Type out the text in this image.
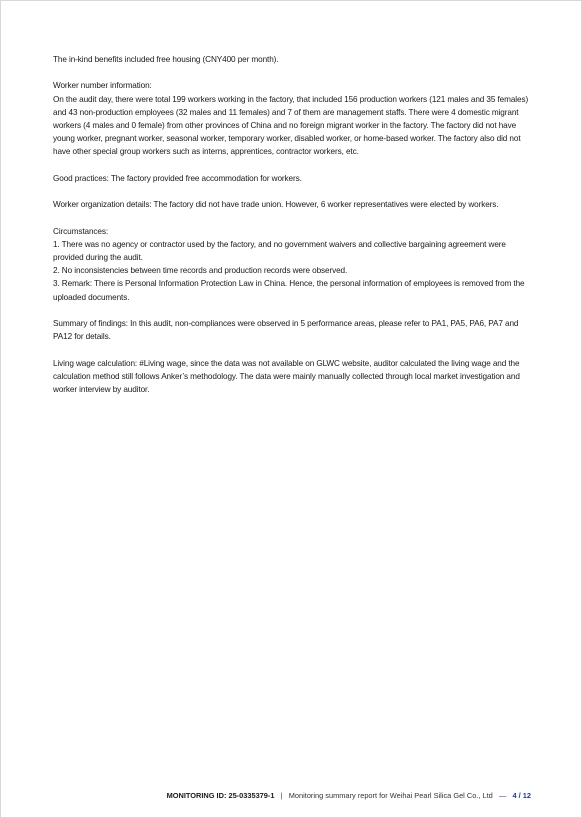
The in-kind benefits included free housing (CNY400 per month).

Worker number information:
On the audit day, there were total 199 workers working in the factory, that included 156 production workers (121 males and 35 females) and 43 non-production employees (32 males and 11 females) and 7 of them are management staffs. There were 4 domestic migrant workers (4 males and 0 female) from other provinces of China and no foreign migrant worker in the factory. The factory did not have young worker, pregnant worker, seasonal worker, temporary worker, disabled worker, or home-based worker. The factory also did not have other special group workers such as interns, apprentices, contractor workers, etc.

Good practices: The factory provided free accommodation for workers.

Worker organization details: The factory did not have trade union. However, 6 worker representatives were elected by workers.

Circumstances:
1. There was no agency or contractor used by the factory, and no government waivers and collective bargaining agreement were provided during the audit.
2. No inconsistencies between time records and production records were observed.
3. Remark: There is Personal Information Protection Law in China. Hence, the personal information of employees is removed from the uploaded documents.

Summary of findings: In this audit, non-compliances were observed in 5 performance areas, please refer to PA1, PA5, PA6, PA7 and PA12 for details.

Living wage calculation: #Living wage, since the data was not available on GLWC website, auditor calculated the living wage and the calculation method still follows Anker’s methodology. The data were mainly manually collected through local market investigation and worker interview by auditor.

MONITORING ID: 25-0335379-1 | Monitoring summary report for Weihai Pearl Silica Gel Co., Ltd — 4 / 12
